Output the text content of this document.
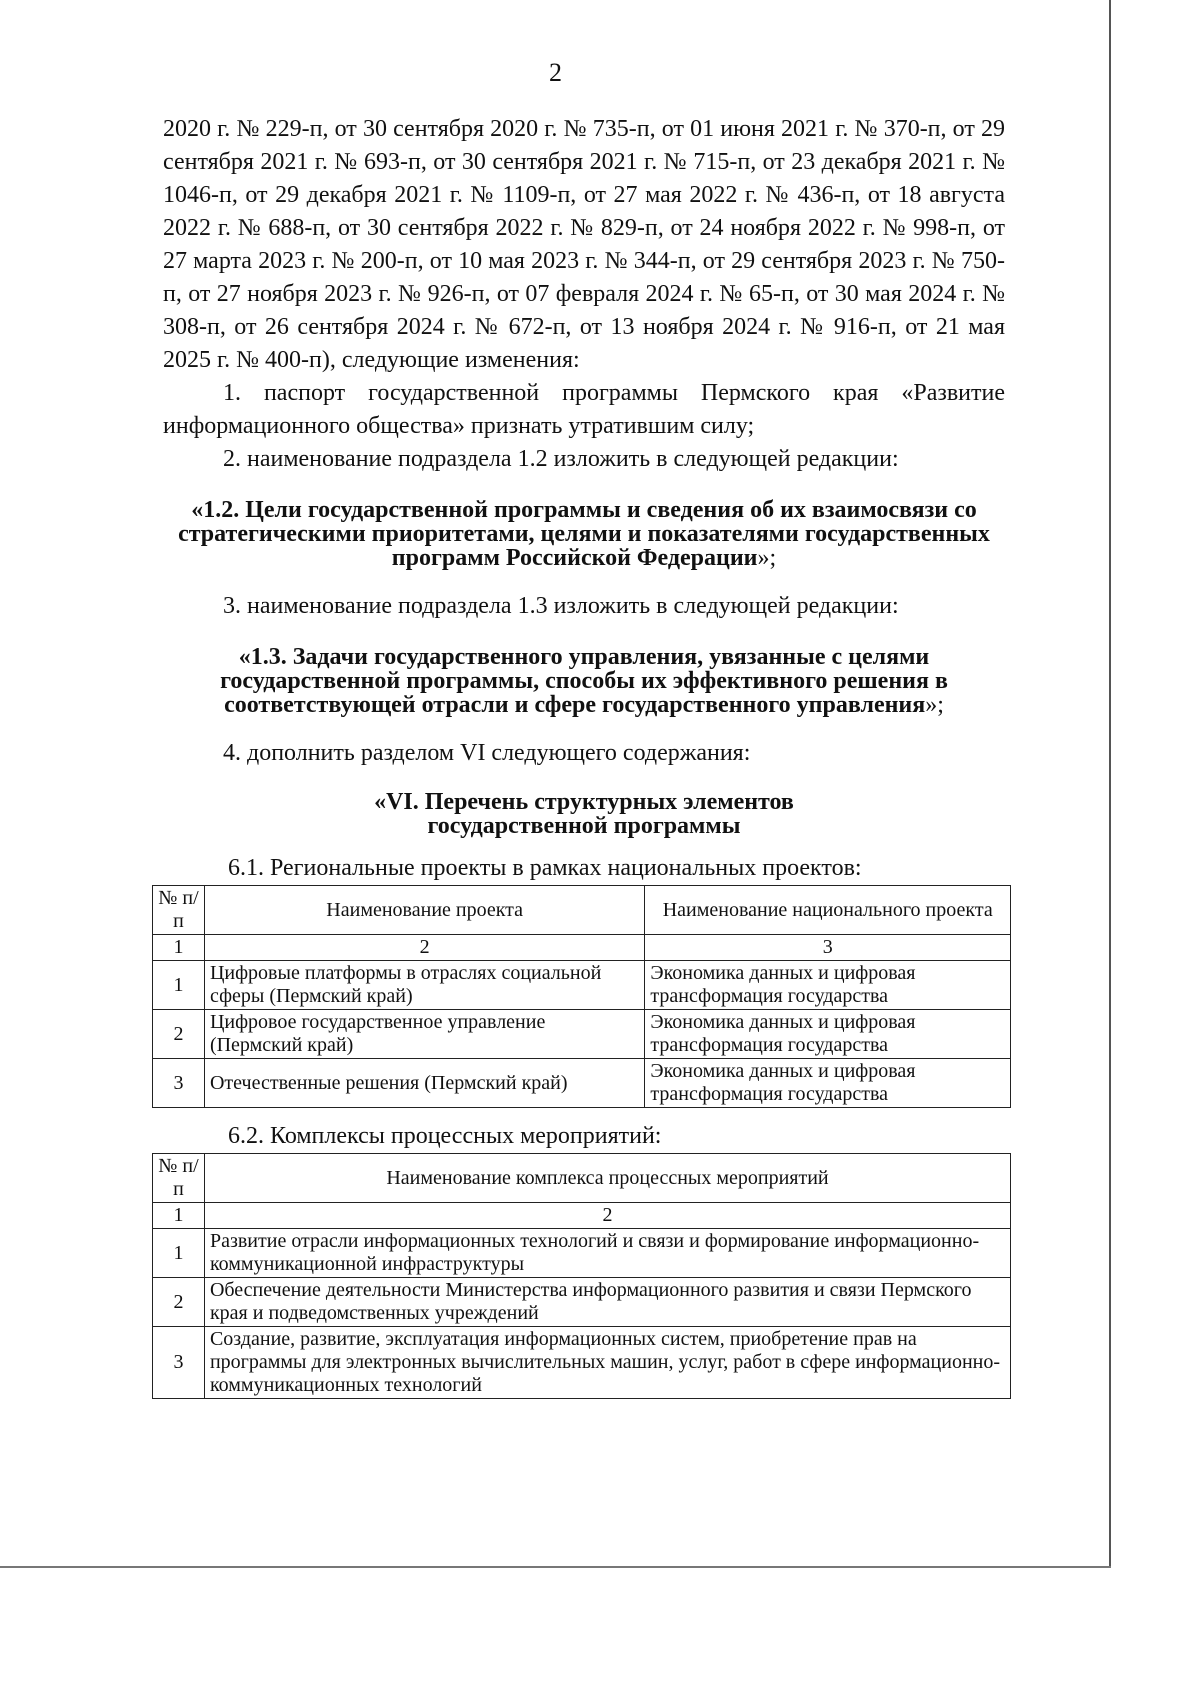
2

2020 г. № 229-п, от 30 сентября 2020 г. № 735-п, от 01 июня 2021 г. № 370-п, от 29 сентября 2021 г. № 693-п, от 30 сентября 2021 г. № 715-п, от 23 декабря 2021 г. № 1046-п, от 29 декабря 2021 г. № 1109-п, от 27 мая 2022 г. № 436-п, от 18 августа 2022 г. № 688-п, от 30 сентября 2022 г. № 829-п, от 24 ноября 2022 г. № 998-п, от 27 марта 2023 г. № 200-п, от 10 мая 2023 г. № 344-п, от 29 сентября 2023 г. № 750-п, от 27 ноября 2023 г. № 926-п, от 07 февраля 2024 г. № 65-п, от 30 мая 2024 г. № 308-п, от 26 сентября 2024 г. № 672-п, от 13 ноября 2024 г. № 916-п, от 21 мая 2025 г. № 400-п), следующие изменения:

1. паспорт государственной программы Пермского края «Развитие информационного общества» признать утратившим силу;

2. наименование подраздела 1.2 изложить в следующей редакции:

«1.2. Цели государственной программы и сведения об их взаимосвязи со стратегическими приоритетами, целями и показателями государственных программ Российской Федерации»;

3. наименование подраздела 1.3 изложить в следующей редакции:

«1.3. Задачи государственного управления, увязанные с целями государственной программы, способы их эффективного решения в соответствующей отрасли и сфере государственного управления»;

4. дополнить разделом VI следующего содержания:

«VI. Перечень структурных элементов
государственной программы

6.1. Региональные проекты в рамках национальных проектов:

№ п/п	Наименование проекта	Наименование национального проекта
1	2	3
1	Цифровые платформы в отраслях социальной сферы (Пермский край)	Экономика данных и цифровая трансформация государства
2	Цифровое государственное управление (Пермский край)	Экономика данных и цифровая трансформация государства
3	Отечественные решения (Пермский край)	Экономика данных и цифровая трансформация государства

6.2. Комплексы процессных мероприятий:

№ п/п	Наименование комплекса процессных мероприятий
1	2
1	Развитие отрасли информационных технологий и связи и формирование информационно-коммуникационной инфраструктуры
2	Обеспечение деятельности Министерства информационного развития и связи Пермского края и подведомственных учреждений
3	Создание, развитие, эксплуатация информационных систем, приобретение прав на программы для электронных вычислительных машин, услуг, работ в сфере информационно-коммуникационных технологий
